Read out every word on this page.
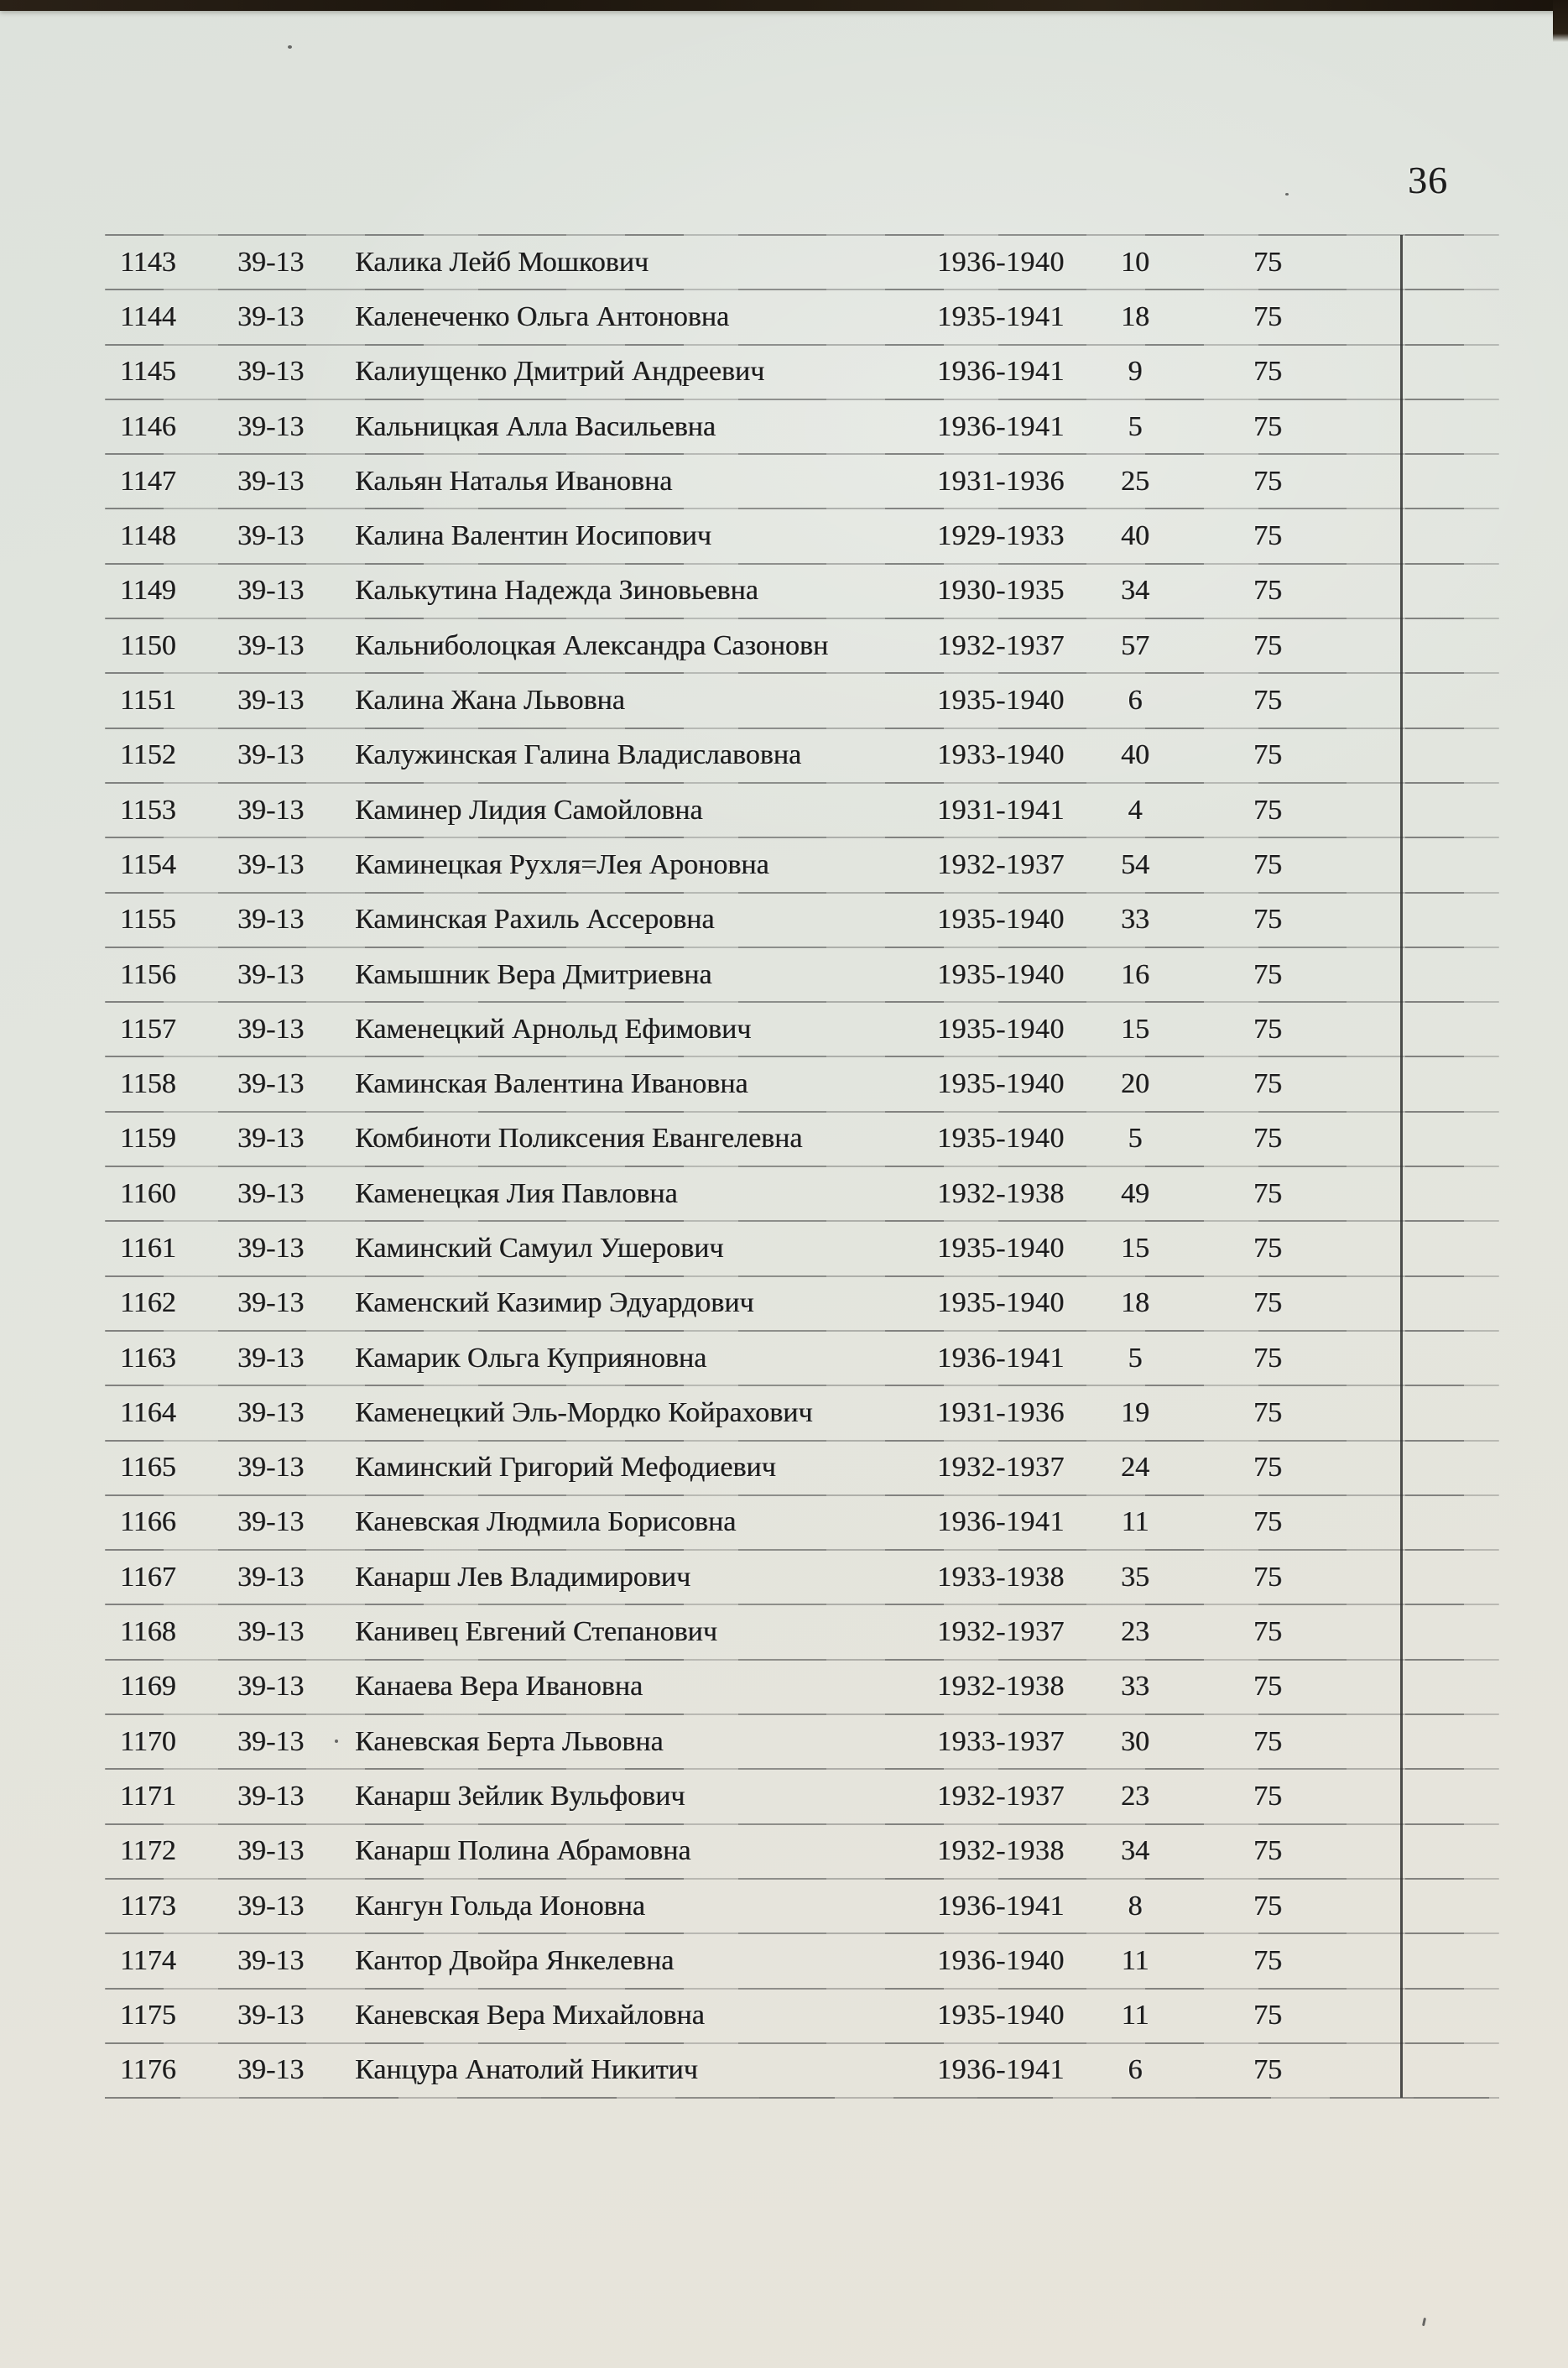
36
1143	39-13	Калика Лейб Мошкович	1936-1940	10	75
1144	39-13	Каленеченко Ольга Антоновна	1935-1941	18	75
1145	39-13	Калиущенко Дмитрий Андреевич	1936-1941	9	75
1146	39-13	Кальницкая Алла Васильевна	1936-1941	5	75
1147	39-13	Кальян Наталья Ивановна	1931-1936	25	75
1148	39-13	Калина Валентин Иосипович	1929-1933	40	75
1149	39-13	Калькутина Надежда Зиновьевна	1930-1935	34	75
1150	39-13	Кальниболоцкая Александра Сазоновн	1932-1937	57	75
1151	39-13	Калина Жана Львовна	1935-1940	6	75
1152	39-13	Калужинская Галина Владиславовна	1933-1940	40	75
1153	39-13	Каминер Лидия Самойловна	1931-1941	4	75
1154	39-13	Каминецкая Рухля=Лея Ароновна	1932-1937	54	75
1155	39-13	Каминская Рахиль Ассеровна	1935-1940	33	75
1156	39-13	Камышник Вера Дмитриевна	1935-1940	16	75
1157	39-13	Каменецкий Арнольд Ефимович	1935-1940	15	75
1158	39-13	Каминская Валентина Ивановна	1935-1940	20	75
1159	39-13	Комбиноти Поликсения Евангелевна	1935-1940	5	75
1160	39-13	Каменецкая Лия Павловна	1932-1938	49	75
1161	39-13	Каминский Самуил Ушерович	1935-1940	15	75
1162	39-13	Каменский Казимир Эдуардович	1935-1940	18	75
1163	39-13	Камарик Ольга Куприяновна	1936-1941	5	75
1164	39-13	Каменецкий Эль-Мордко Койрахович	1931-1936	19	75
1165	39-13	Каминский Григорий Мефодиевич	1932-1937	24	75
1166	39-13	Каневская Людмила Борисовна	1936-1941	11	75
1167	39-13	Канарш Лев Владимирович	1933-1938	35	75
1168	39-13	Канивец Евгений Степанович	1932-1937	23	75
1169	39-13	Канаева Вера Ивановна	1932-1938	33	75
1170	39-13	Каневская Берта Львовна	1933-1937	30	75
1171	39-13	Канарш Зейлик Вульфович	1932-1937	23	75
1172	39-13	Канарш Полина Абрамовна	1932-1938	34	75
1173	39-13	Кангун Гольда Ионовна	1936-1941	8	75
1174	39-13	Кантор Двойра Янкелевна	1936-1940	11	75
1175	39-13	Каневская Вера Михайловна	1935-1940	11	75
1176	39-13	Канцура Анатолий Никитич	1936-1941	6	75
